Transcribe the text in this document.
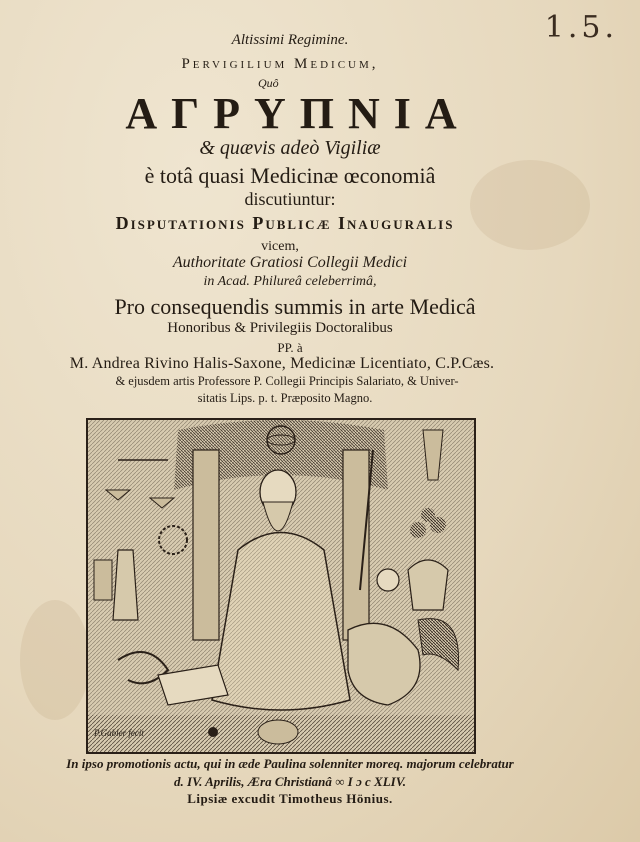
1.5.
Altissimi Regimine.
Pervigilium Medicum,
Quô
ΑΓΡΥΠΝΙΑ
& quævis adeò Vigiliæ
è totâ quasi Medicinæ œconomiâ
discutiuntur:
Disputationis Publicæ Inauguralis
vicem,
Authoritate Gratiosi Collegii Medici
in Acad. Philureâ celeberrimâ,
Pro consequendis summis in arte Medicâ
Honoribus & Privilegiis Doctoralibus
PP. à
M. Andrea Rivino Halis-Saxone, Medicinæ Licentiato, C.P.Cæs.
& ejusdem artis Professore P. Collegii Principis Salariato, & Univer-
sitatis Lips. p. t. Præposito Magno.
P.Gabler fecit
In ipso promotionis actu, qui in æde Paulina solenniter moreq. majorum celebratur
d. IV. Aprilis, Æra Christianâ ∞ I ɔ c XLIV.
Lipsiæ excudit Timotheus Hönius.
